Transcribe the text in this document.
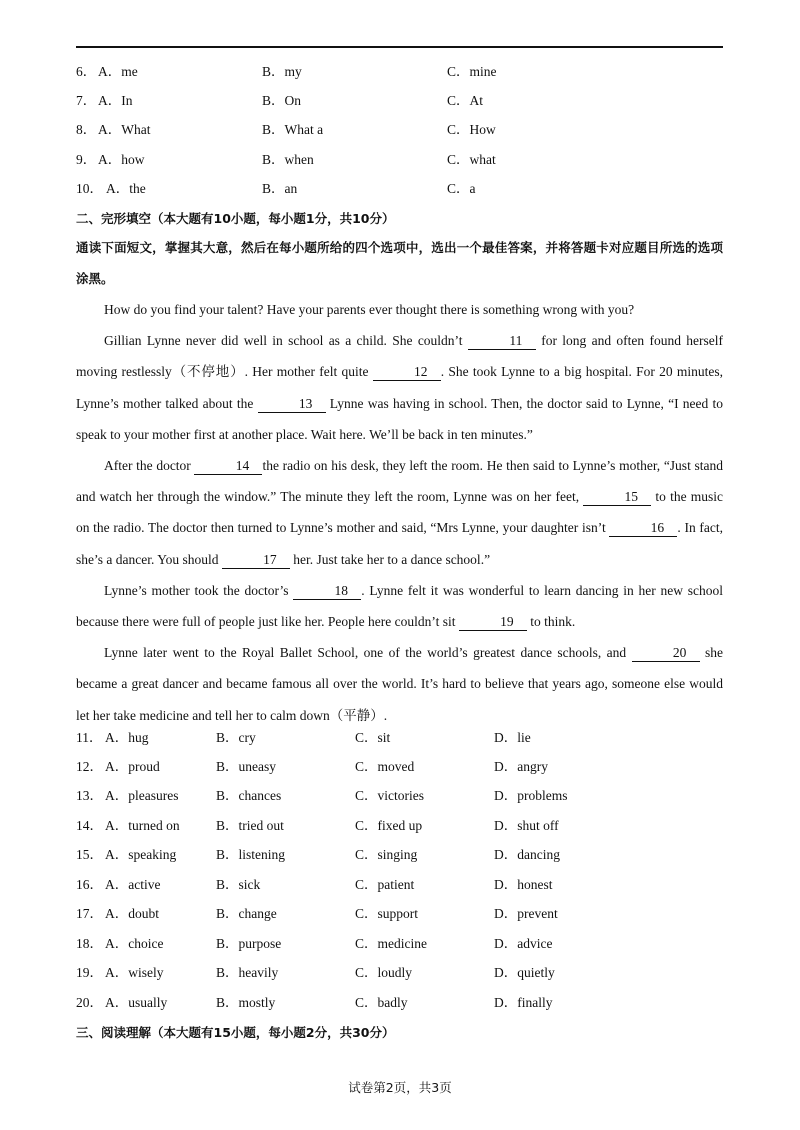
6． A．me	B．my	C．mine
7． A．In	B．On	C．At
8． A．What	B．What a	C．How
9． A．how	B．when	C．what
10． A．the	B．an	C．a
二、完形填空（本大题有10小题，每小题1分，共10分）
通读下面短文，掌握其大意，然后在每小题所给的四个选项中，选出一个最佳答案，并将答题卡对应题目所选的选项涂黑。

How do you find your talent? Have your parents ever thought there is something wrong with you?

Gillian Lynne never did well in school as a child. She couldn’t	11 for long and often found herself moving restlessly（不停地）. Her mother felt quite	12 . She took Lynne to a big hospital. For 20 minutes, Lynne’s mother talked about the	13 Lynne was having in school. Then, the doctor said to Lynne, “I need to speak to your mother first at another place. Wait here. We’ll be back in ten minutes.”

After the doctor	14 the radio on his desk, they left the room. He then said to Lynne’s mother, “Just stand and watch her through the window.” The minute they left the room, Lynne was on her feet,	15 to the music on the radio. The doctor then turned to Lynne’s mother and said, “Mrs Lynne, your daughter isn’t	16 . In fact, she’s a dancer. You should	17 her. Just take her to a dance school.”

Lynne’s mother took the doctor’s	18 . Lynne felt it was wonderful to learn dancing in her new school because there were full of people just like her. People here couldn’t sit	19 to think.

Lynne later went to the Royal Ballet School, one of the world’s greatest dance schools, and	20 she became a great dancer and became famous all over the world. It’s hard to believe that years ago, someone else would let her take medicine and tell her to calm down（平静）.

11． A．hug	B．cry	C．sit	D．lie
12． A．proud	B．uneasy	C．moved	D．angry
13． A．pleasures	B．chances	C．victories	D．problems
14． A．turned on	B．tried out	C．fixed up	D．shut off
15． A．speaking	B．listening	C．singing	D．dancing
16． A．active	B．sick	C．patient	D．honest
17． A．doubt	B．change	C．support	D．prevent
18． A．choice	B．purpose	C．medicine	D．advice
19． A．wisely	B．heavily	C．loudly	D．quietly
20． A．usually	B．mostly	C．badly	D．finally
三、阅读理解（本大题有15小题，每小题2分，共30分）
试卷第2页，共3页
